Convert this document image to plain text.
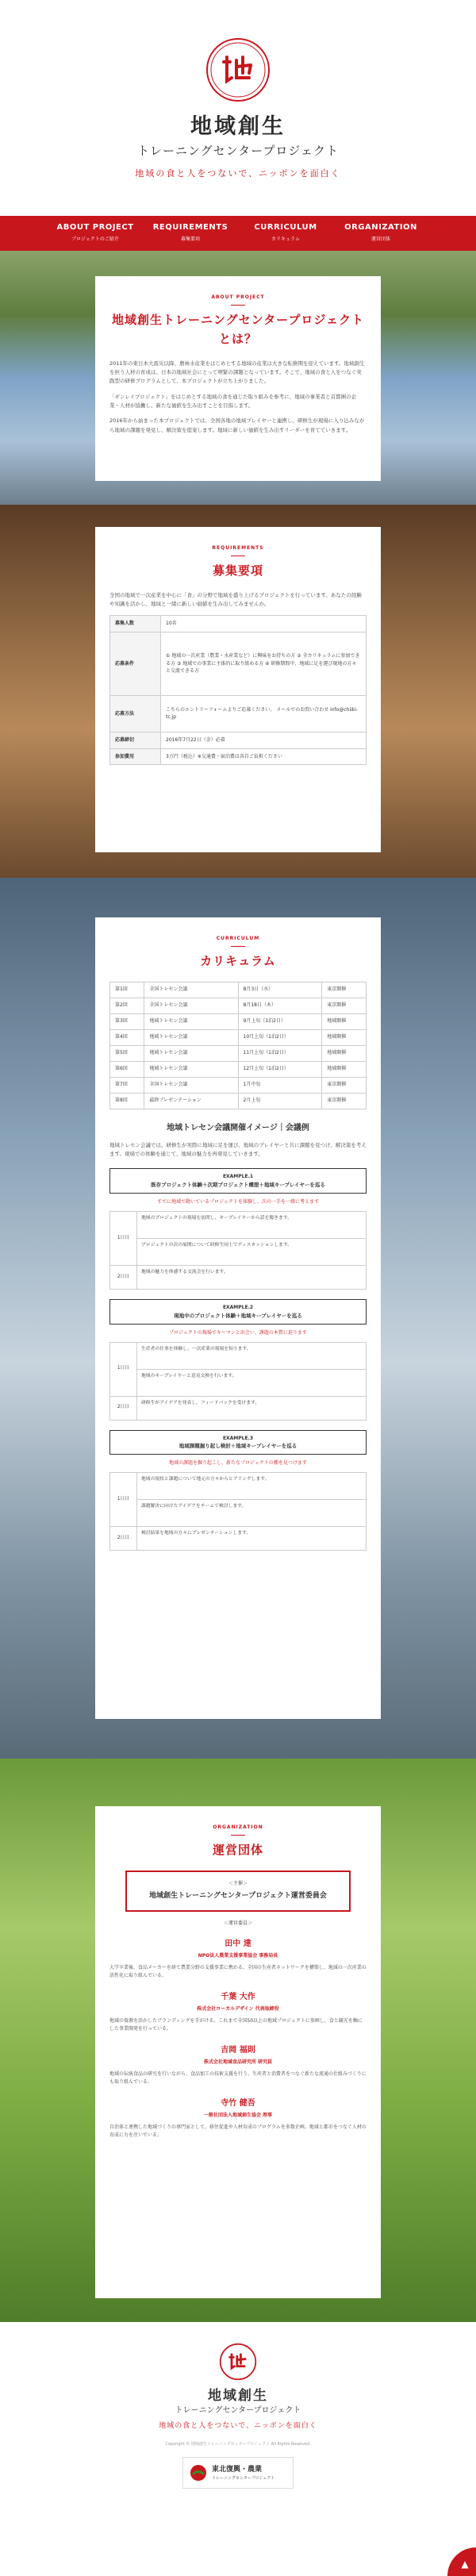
地域創生
トレーニングセンタープロジェクト
地域の食と人をつないで、ニッポンを面白く
ABOUT PROJECT
プロジェクトのご紹介
REQUIREMENTS
募集要項
CURRICULUM
カリキュラム
ORGANIZATION
運営団体
ABOUT PROJECT
地域創生トレーニングセンタープロジェクトとは？

2011年の東日本大震災以降、農林水産業をはじめとする地域の産業は大きな転換期を迎えています。地域創生を担う人材の育成は、日本の地域社会にとって喫緊の課題となっています。そこで、地域の食と人をつなぐ実践型の研修プログラムとして、本プロジェクトが立ち上がりました。

「ギンレイプロジェクト」をはじめとする地域の食を通じた取り組みを参考に、地域の事業者と首都圏の企業・人材が協働し、新たな価値を生み出すことを目指します。

2016年から始まった本プロジェクトでは、全国各地の地域プレイヤーと連携し、研修生が現場に入り込みながら地域の課題を発見し、解決策を提案します。地域に新しい価値を生み出すリーダーを育てていきます。

REQUIREMENTS
募集要項

全国の地域で一次産業を中心に「食」の分野で地域を盛り上げるプロジェクトを行っています。あなたの経験や知識を活かし、地域と一緒に新しい価値を生み出してみませんか。

募集人数	10名
応募条件	① 地域の一次産業（農業・水産業など）に興味をお持ちの方 ② 全カリキュラムに参加できる方 ③ 地域での事業に主体的に取り組める方 ④ 研修期間中、地域に足を運び現地の方々と交流できる方
応募方法	こちらのエントリーフォームよりご応募ください。 メールでのお問い合わせ info@chiiki-tc.jp
応募締切	2016年7月22日（金）必着
参加費用	3万円（税込）※交通費・宿泊費は各自ご負担ください
CURRICULUM
カリキュラム
第1回	全国トレセン会議	8月3日（水）	東京開催
第2回	全国トレセン会議	8月18日（木）	東京開催
第3回	地域トレセン会議	9月上旬（1泊2日）	地域開催
第4回	地域トレセン会議	10月上旬（1泊2日）	地域開催
第5回	地域トレセン会議	11月上旬（1泊2日）	地域開催
第6回	地域トレセン会議	12月上旬（1泊2日）	地域開催
第7回	全国トレセン会議	1月中旬	東京開催
第8回	最終プレゼンテーション	2月上旬	東京開催
地域トレセン会議開催イメージ｜会議例

地域トレセン会議では、研修生が実際に地域に足を運び、地域のプレイヤーと共に課題を見つけ、解決策を考えます。現場での体験を通じて、地域の魅力を再発見していきます。

EXAMPLE.1
既存プロジェクト体験＋次期プロジェクト構想＋地域キープレイヤーを巡る
すでに地域で動いているプロジェクトを体験し、次の一手を一緒に考えます
1日目	地域のプロジェクトの現場を訪問し、キープレイヤーから話を聞きます。
	プロジェクトの次の展開について研修生同士でディスカッションします。
2日目	地域の魅力を体感する交流会を行います。
EXAMPLE.2
現地中のプロジェクト体験＋地域キープレイヤーを巡る
プロジェクトの現場でキーマンと出会い、課題の本質に迫ります
1日目	生産者の仕事を体験し、一次産業の現場を知ります。
	地域のキープレイヤーと意見交換を行います。
2日目	研修生がアイデアを発表し、フィードバックを受けます。
EXAMPLE.3
地域課題掘り起し検討＋地域キープレイヤーを巡る
地域の課題を掘り起こし、新たなプロジェクトの種を見つけます
1日目	地域の現状と課題について地元の方々からヒアリングします。
	課題解決に向けたアイデアをチームで検討します。
2日目	検討結果を地域の方々にプレゼンテーションします。
ORGANIZATION
運営団体
＜主催＞
地域創生トレーニングセンタープロジェクト運営委員会
＜運営委員＞
田中 達
NPO法人農業支援事業協会 事務局長
大学卒業後、食品メーカーを経て農業分野の支援事業に携わる。全国の生産者ネットワークを構築し、地域の一次産業の活性化に取り組んでいる。
千葉 大作
株式会社ローカルデザイン 代表取締役
地域の資源を活かしたブランディングを手がける。これまで全国50以上の地域プロジェクトに参画し、食と観光を軸にした事業開発を行っている。
吉岡 福則
株式会社地域食品研究所 研究員
地域の伝統食品の研究を行いながら、食品加工の技術支援を行う。生産者と消費者をつなぐ新たな流通の仕組みづくりにも取り組んでいる。
寺竹 健吾
一般社団法人地域創生協会 理事
自治体と連携した地域づくりの専門家として、移住促進や人材育成のプログラムを多数企画。地域と都市をつなぐ人材の育成に力を注いでいる。
地域創生
トレーニングセンタープロジェクト
地域の食と人をつないで、ニッポンを面白く
Copyright © 地域創生トレーニングセンタープロジェクト All Rights Reserved.
東北復興・農業
トレーニングセンタープロジェクト
▲
